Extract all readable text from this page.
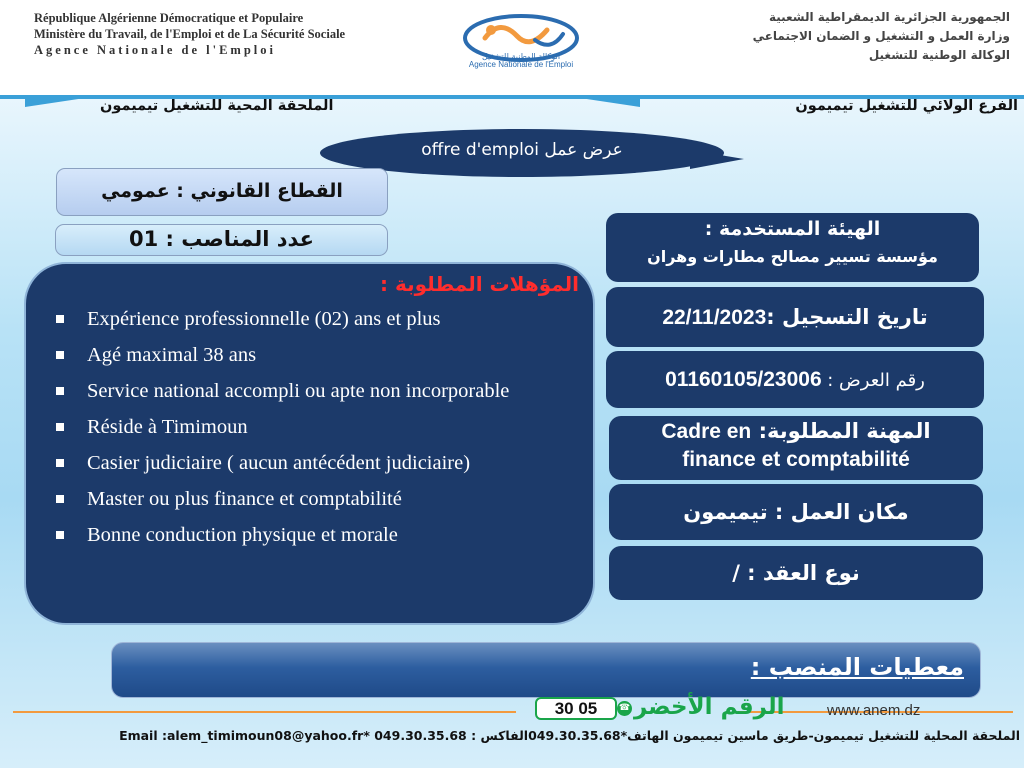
République Algérienne Démocratique et Populaire
Ministère du Travail, de l'Emploi et de La Sécurité Sociale
Agence Nationale de l'Emploi	الوكالة الوطنية للتشغيل
Agence Nationale de l'Emploi
الجمهورية الجزائرية الديمقراطية الشعبية
وزارة العمل و التشغيل و الضمان الاجتماعي
الوكالة الوطنية للتشغيل
الفرع الولائي للتشغيل تيميمون
الملحقة المحية للتشغيل تيميمون
offre d'emploi عرض عمل
القطاع القانوني : عمومي
عدد المناصب : 01
المؤهلات المطلوبة :
Expérience professionnelle (02) ans et plus
Agé maximal 38 ans
Service national accompli ou apte non incorporable
Réside à Timimoun
Casier judiciaire ( aucun antécédent judiciaire)
Master ou plus finance et comptabilité
Bonne conduction physique et morale
الهيئة المستخدمة :
مؤسسة تسيير مصالح مطارات وهران
تاريخ التسجيل :22/11/2023
رقم العرض : 01160105/23006
المهنة المطلوبة: Cadre en
finance et comptabilité
مكان العمل : تيميمون
نوع العقد : /
معطيات المنصب :
30 05	☎ الرقم الأخضر	www.anem.dz
الملحقة المحلية للتشغيل تيميمون-طريق ماسين تيميمون الهاتف*049.30.35.68الفاكس : 049.30.35.68 *Email :alem_timimoun08@yahoo.fr
